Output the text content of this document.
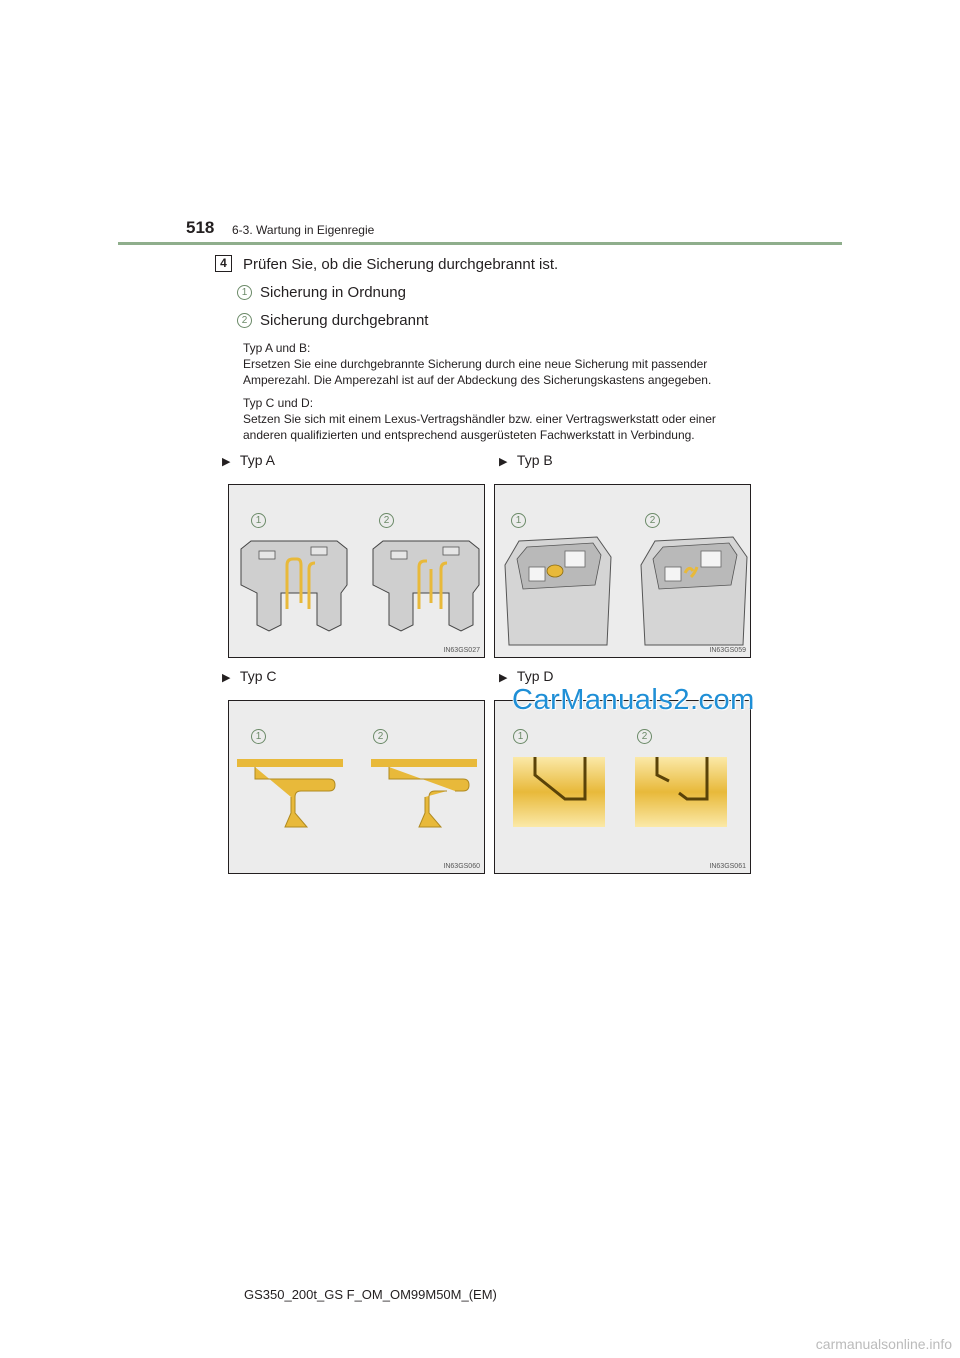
518 6-3. Wartung in Eigenregie
4	Prüfen Sie, ob die Sicherung durchgebrannt ist.
1 Sicherung in Ordnung
2 Sicherung durchgebrannt
Typ A und B:
Ersetzen Sie eine durchgebrannte Sicherung durch eine neue Sicherung mit passender Amperezahl. Die Amperezahl ist auf der Abdeckung des Sicherungskastens angegeben.
Typ C und D:
Setzen Sie sich mit einem Lexus-Vertragshändler bzw. einer Vertragswerkstatt oder einer anderen qualifizierten und entsprechend ausgerüsteten Fachwerkstatt in Verbindung.
▶ Typ A	▶ Typ B
▶ Typ C	▶ Typ D
1	2
IN63GS027
1	2
IN63GS059
1	2
IN63GS060
1	2
IN63GS061
CarManuals2.com
carmanualsonline.info
GS350_200t_GS F_OM_OM99M50M_(EM)
